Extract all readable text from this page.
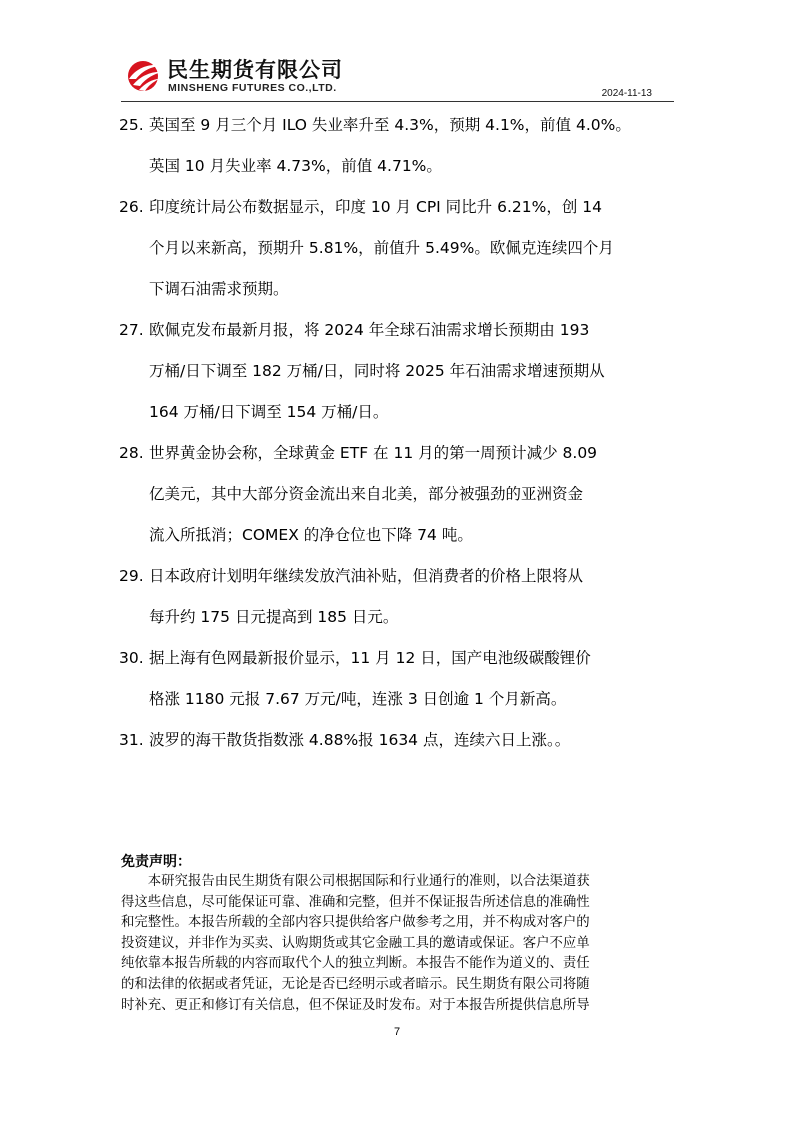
民生期货有限公司
MINSHENG FUTURES CO.,LTD.	2024-11-13
25. 英国至 9 月三个月 ILO 失业率升至 4.3%，预期 4.1%，前值 4.0%。
英国 10 月失业率 4.73%，前值 4.71%。
26. 印度统计局公布数据显示，印度 10 月 CPI 同比升 6.21%，创 14
个月以来新高，预期升 5.81%，前值升 5.49%。欧佩克连续四个月
下调石油需求预期。
27. 欧佩克发布最新月报，将 2024 年全球石油需求增长预期由 193
万桶/日下调至 182 万桶/日，同时将 2025 年石油需求增速预期从
164 万桶/日下调至 154 万桶/日。
28. 世界黄金协会称，全球黄金 ETF 在 11 月的第一周预计减少 8.09
亿美元，其中大部分资金流出来自北美，部分被强劲的亚洲资金
流入所抵消；COMEX 的净仓位也下降 74 吨。
29. 日本政府计划明年继续发放汽油补贴，但消费者的价格上限将从
每升约 175 日元提高到 185 日元。
30. 据上海有色网最新报价显示，11 月 12 日，国产电池级碳酸锂价
格涨 1180 元报 7.67 万元/吨，连涨 3 日创逾 1 个月新高。
31. 波罗的海干散货指数涨 4.88%报 1634 点，连续六日上涨。。
免责声明：
　　本研究报告由民生期货有限公司根据国际和行业通行的准则，以合法渠道获
得这些信息，尽可能保证可靠、准确和完整，但并不保证报告所述信息的准确性
和完整性。本报告所载的全部内容只提供给客户做参考之用，并不构成对客户的
投资建议，并非作为买卖、认购期货或其它金融工具的邀请或保证。客户不应单
纯依靠本报告所载的内容而取代个人的独立判断。本报告不能作为道义的、责任
的和法律的依据或者凭证，无论是否已经明示或者暗示。民生期货有限公司将随
时补充、更正和修订有关信息，但不保证及时发布。对于本报告所提供信息所导
7
